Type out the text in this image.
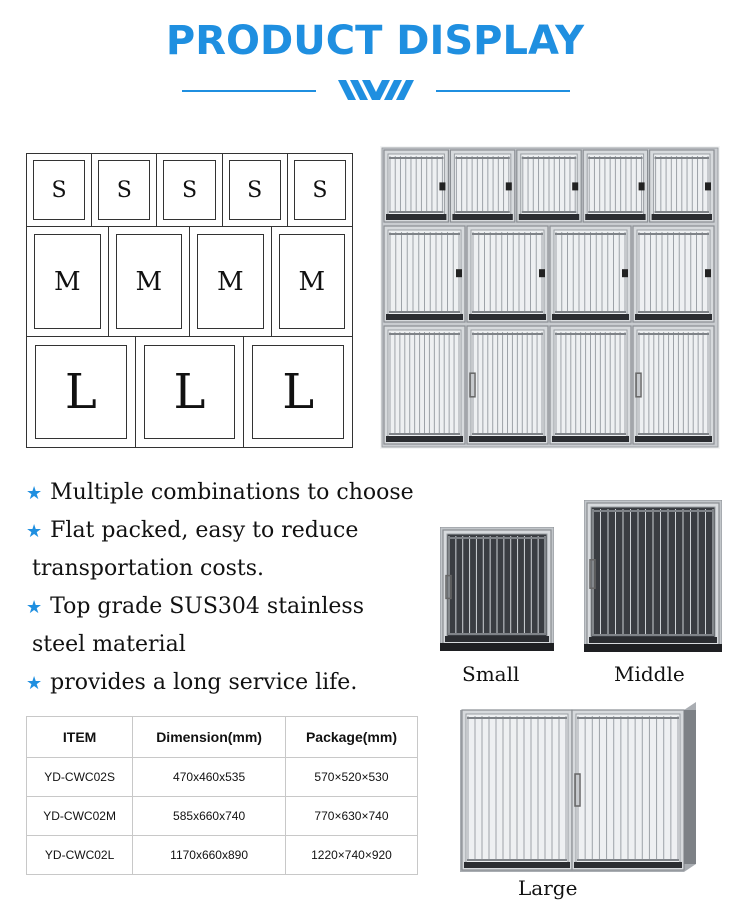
PRODUCT DISPLAY
S	S	S	S	S
M	M	M	M
L	L	L
★ Multiple combinations to choose
★ Flat packed, easy to reduce
transportation costs.
★ Top grade SUS304 stainless
steel material
★ provides a long service life.
ITEM	Dimension(mm)	Package(mm)
YD-CWC02S	470x460x535	570×520×530
YD-CWC02M	585x660x740	770×630×740
YD-CWC02L	1170x660x890	1220×740×920
Small	Middle
Large
